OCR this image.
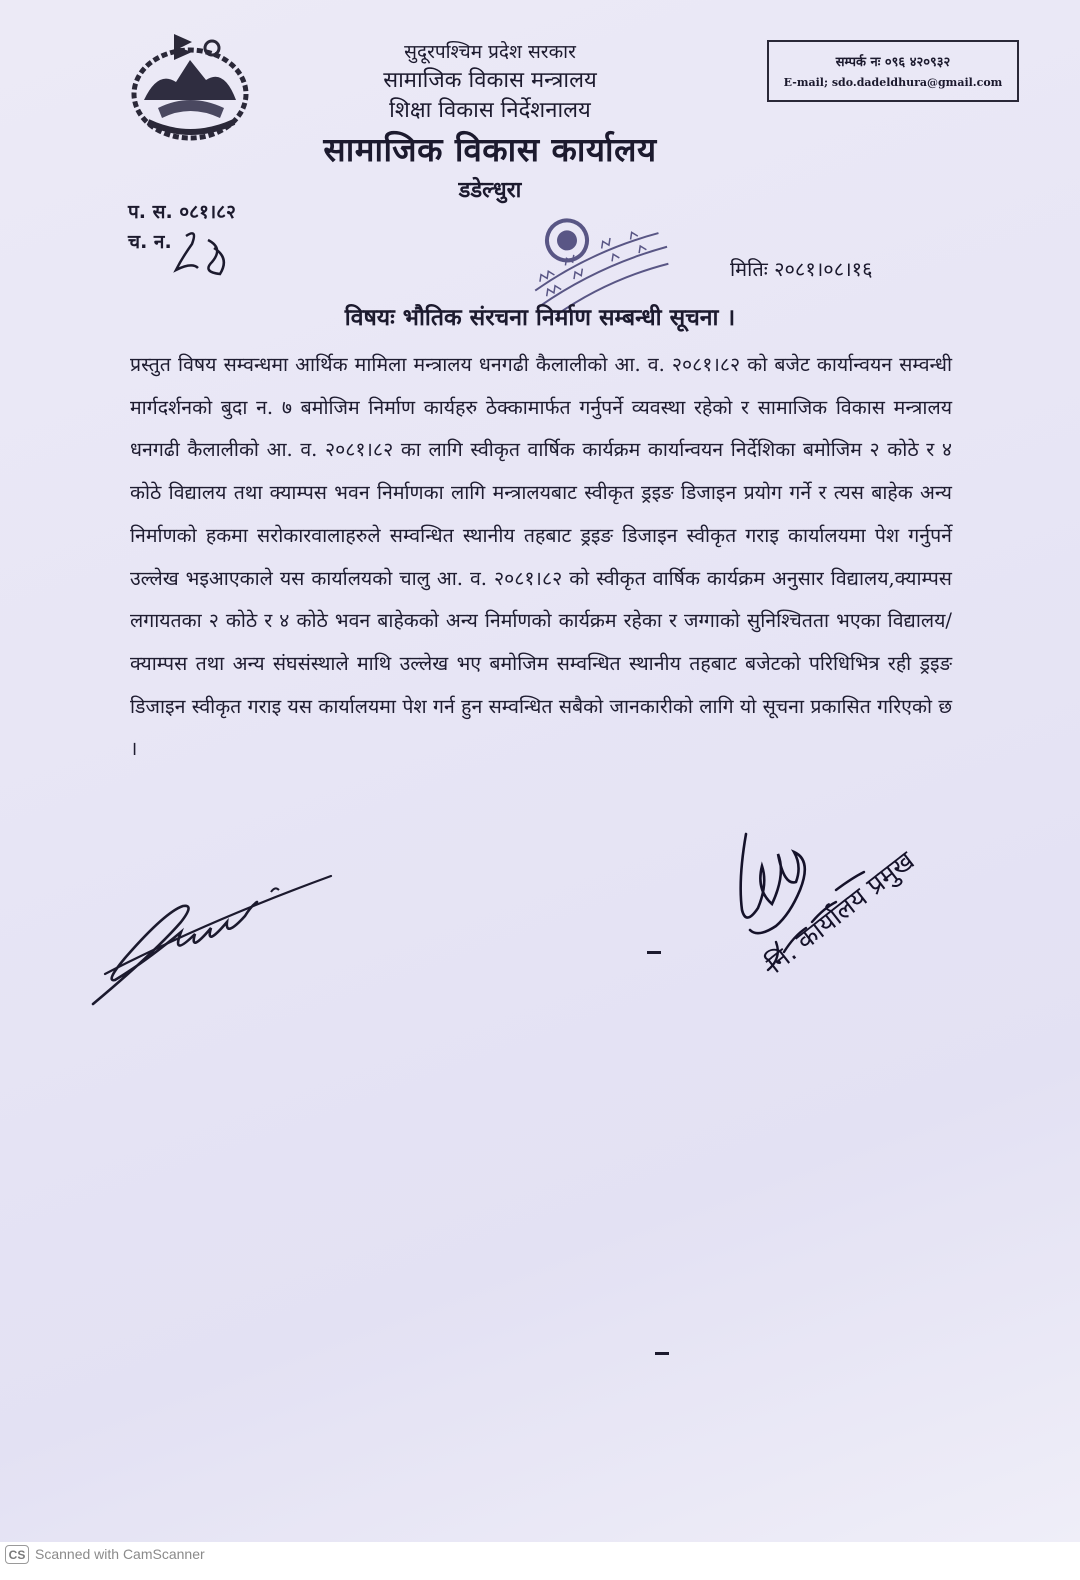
सुदूरपश्चिम प्रदेश सरकार
सामाजिक विकास मन्त्रालय
शिक्षा विकास निर्देशनालय
सामाजिक विकास कार्यालय
डडेल्धुरा
सम्पर्क नः ०९६ ४२०९३२
E-mail; sdo.dadeldhura@gmail.com
प. स. ०८१।८२
च. न.
मितिः २०८१।०८।१६
विषयः भौतिक संरचना निर्माण सम्बन्धी सूचना ।
प्रस्तुत विषय सम्वन्धमा आर्थिक मामिला मन्त्रालय धनगढी कैलालीको आ. व. २०८१।८२ को बजेट कार्यान्वयन सम्वन्धी मार्गदर्शनको बुदा न. ७ बमोजिम निर्माण कार्यहरु ठेक्कामार्फत गर्नुपर्ने व्यवस्था रहेको र सामाजिक विकास मन्त्रालय धनगढी कैलालीको आ. व. २०८१।८२ का लागि स्वीकृत वार्षिक कार्यक्रम कार्यान्वयन निर्देशिका बमोजिम २ कोठे र ४ कोठे विद्यालय तथा क्याम्पस भवन निर्माणका लागि मन्त्रालयबाट स्वीकृत ड्रइङ डिजाइन प्रयोग गर्ने र त्यस बाहेक अन्य निर्माणको हकमा सरोकारवालाहरुले सम्वन्धित स्थानीय तहबाट ड्रइङ डिजाइन स्वीकृत गराइ कार्यालयमा पेश गर्नुपर्ने उल्लेख भइआएकाले यस कार्यालयको चालु आ. व. २०८१।८२ को स्वीकृत वार्षिक कार्यक्रम अनुसार विद्यालय,क्याम्पस लगायतका २ कोठे र ४ कोठे भवन बाहेकको अन्य निर्माणको कार्यक्रम रहेका र जग्गाको सुनिश्चितता भएका विद्यालय/क्याम्पस तथा अन्य संघसंस्थाले माथि उल्लेख भए बमोजिम सम्वन्धित स्थानीय तहबाट बजेटको परिधिभित्र रही ड्रइङ डिजाइन स्वीकृत गराइ यस कार्यालयमा पेश गर्न हुन सम्वन्धित सबैको जानकारीको लागि यो सूचना प्रकासित गरिएको छ ।
नि. कार्यालय प्रमुख
CS Scanned with CamScanner
